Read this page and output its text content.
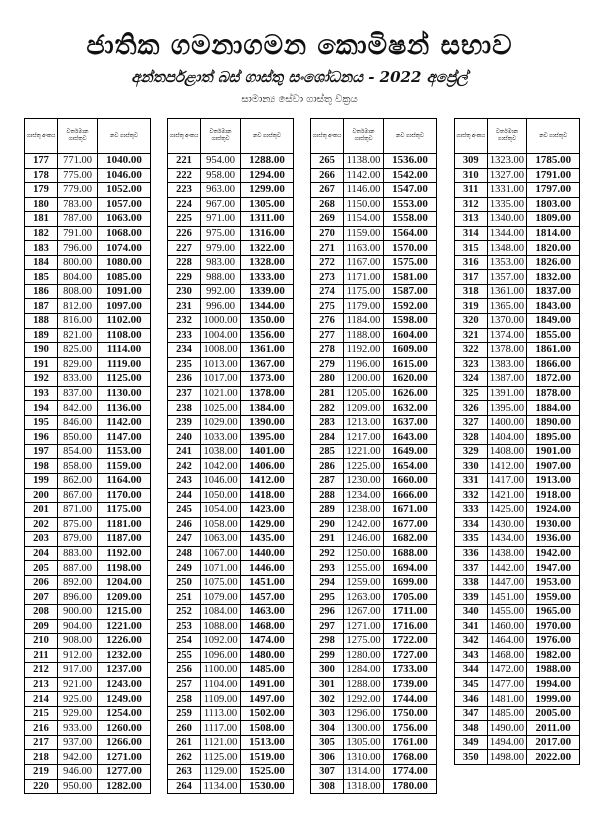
ජාතික ගමනාගමන කොමිෂන් සභාව
අන්තර්පළාත් බස් ගාස්තු සංශෝධනය - 2022 අප්‍රේල්
සාමාන්‍ය සේවා ගාස්තු වක්‍රය
ගාස්තු අංකය	වර්තමාන ගාස්තුව	නව ගාස්තුව
177	771.00	1040.00
178	775.00	1046.00
179	779.00	1052.00
180	783.00	1057.00
181	787.00	1063.00
182	791.00	1068.00
183	796.00	1074.00
184	800.00	1080.00
185	804.00	1085.00
186	808.00	1091.00
187	812.00	1097.00
188	816.00	1102.00
189	821.00	1108.00
190	825.00	1114.00
191	829.00	1119.00
192	833.00	1125.00
193	837.00	1130.00
194	842.00	1136.00
195	846.00	1142.00
196	850.00	1147.00
197	854.00	1153.00
198	858.00	1159.00
199	862.00	1164.00
200	867.00	1170.00
201	871.00	1175.00
202	875.00	1181.00
203	879.00	1187.00
204	883.00	1192.00
205	887.00	1198.00
206	892.00	1204.00
207	896.00	1209.00
208	900.00	1215.00
209	904.00	1221.00
210	908.00	1226.00
211	912.00	1232.00
212	917.00	1237.00
213	921.00	1243.00
214	925.00	1249.00
215	929.00	1254.00
216	933.00	1260.00
217	937.00	1266.00
218	942.00	1271.00
219	946.00	1277.00
220	950.00	1282.00
ගාස්තු අංකය	වර්තමාන ගාස්තුව	නව ගාස්තුව
221	954.00	1288.00
222	958.00	1294.00
223	963.00	1299.00
224	967.00	1305.00
225	971.00	1311.00
226	975.00	1316.00
227	979.00	1322.00
228	983.00	1328.00
229	988.00	1333.00
230	992.00	1339.00
231	996.00	1344.00
232	1000.00	1350.00
233	1004.00	1356.00
234	1008.00	1361.00
235	1013.00	1367.00
236	1017.00	1373.00
237	1021.00	1378.00
238	1025.00	1384.00
239	1029.00	1390.00
240	1033.00	1395.00
241	1038.00	1401.00
242	1042.00	1406.00
243	1046.00	1412.00
244	1050.00	1418.00
245	1054.00	1423.00
246	1058.00	1429.00
247	1063.00	1435.00
248	1067.00	1440.00
249	1071.00	1446.00
250	1075.00	1451.00
251	1079.00	1457.00
252	1084.00	1463.00
253	1088.00	1468.00
254	1092.00	1474.00
255	1096.00	1480.00
256	1100.00	1485.00
257	1104.00	1491.00
258	1109.00	1497.00
259	1113.00	1502.00
260	1117.00	1508.00
261	1121.00	1513.00
262	1125.00	1519.00
263	1129.00	1525.00
264	1134.00	1530.00
ගාස්තු අංකය	වර්තමාන ගාස්තුව	නව ගාස්තුව
265	1138.00	1536.00
266	1142.00	1542.00
267	1146.00	1547.00
268	1150.00	1553.00
269	1154.00	1558.00
270	1159.00	1564.00
271	1163.00	1570.00
272	1167.00	1575.00
273	1171.00	1581.00
274	1175.00	1587.00
275	1179.00	1592.00
276	1184.00	1598.00
277	1188.00	1604.00
278	1192.00	1609.00
279	1196.00	1615.00
280	1200.00	1620.00
281	1205.00	1626.00
282	1209.00	1632.00
283	1213.00	1637.00
284	1217.00	1643.00
285	1221.00	1649.00
286	1225.00	1654.00
287	1230.00	1660.00
288	1234.00	1666.00
289	1238.00	1671.00
290	1242.00	1677.00
291	1246.00	1682.00
292	1250.00	1688.00
293	1255.00	1694.00
294	1259.00	1699.00
295	1263.00	1705.00
296	1267.00	1711.00
297	1271.00	1716.00
298	1275.00	1722.00
299	1280.00	1727.00
300	1284.00	1733.00
301	1288.00	1739.00
302	1292.00	1744.00
303	1296.00	1750.00
304	1300.00	1756.00
305	1305.00	1761.00
306	1310.00	1768.00
307	1314.00	1774.00
308	1318.00	1780.00
ගාස්තු අංකය	වර්තමාන ගාස්තුව	නව ගාස්තුව
309	1323.00	1785.00
310	1327.00	1791.00
311	1331.00	1797.00
312	1335.00	1803.00
313	1340.00	1809.00
314	1344.00	1814.00
315	1348.00	1820.00
316	1353.00	1826.00
317	1357.00	1832.00
318	1361.00	1837.00
319	1365.00	1843.00
320	1370.00	1849.00
321	1374.00	1855.00
322	1378.00	1861.00
323	1383.00	1866.00
324	1387.00	1872.00
325	1391.00	1878.00
326	1395.00	1884.00
327	1400.00	1890.00
328	1404.00	1895.00
329	1408.00	1901.00
330	1412.00	1907.00
331	1417.00	1913.00
332	1421.00	1918.00
333	1425.00	1924.00
334	1430.00	1930.00
335	1434.00	1936.00
336	1438.00	1942.00
337	1442.00	1947.00
338	1447.00	1953.00
339	1451.00	1959.00
340	1455.00	1965.00
341	1460.00	1970.00
342	1464.00	1976.00
343	1468.00	1982.00
344	1472.00	1988.00
345	1477.00	1994.00
346	1481.00	1999.00
347	1485.00	2005.00
348	1490.00	2011.00
349	1494.00	2017.00
350	1498.00	2022.00
